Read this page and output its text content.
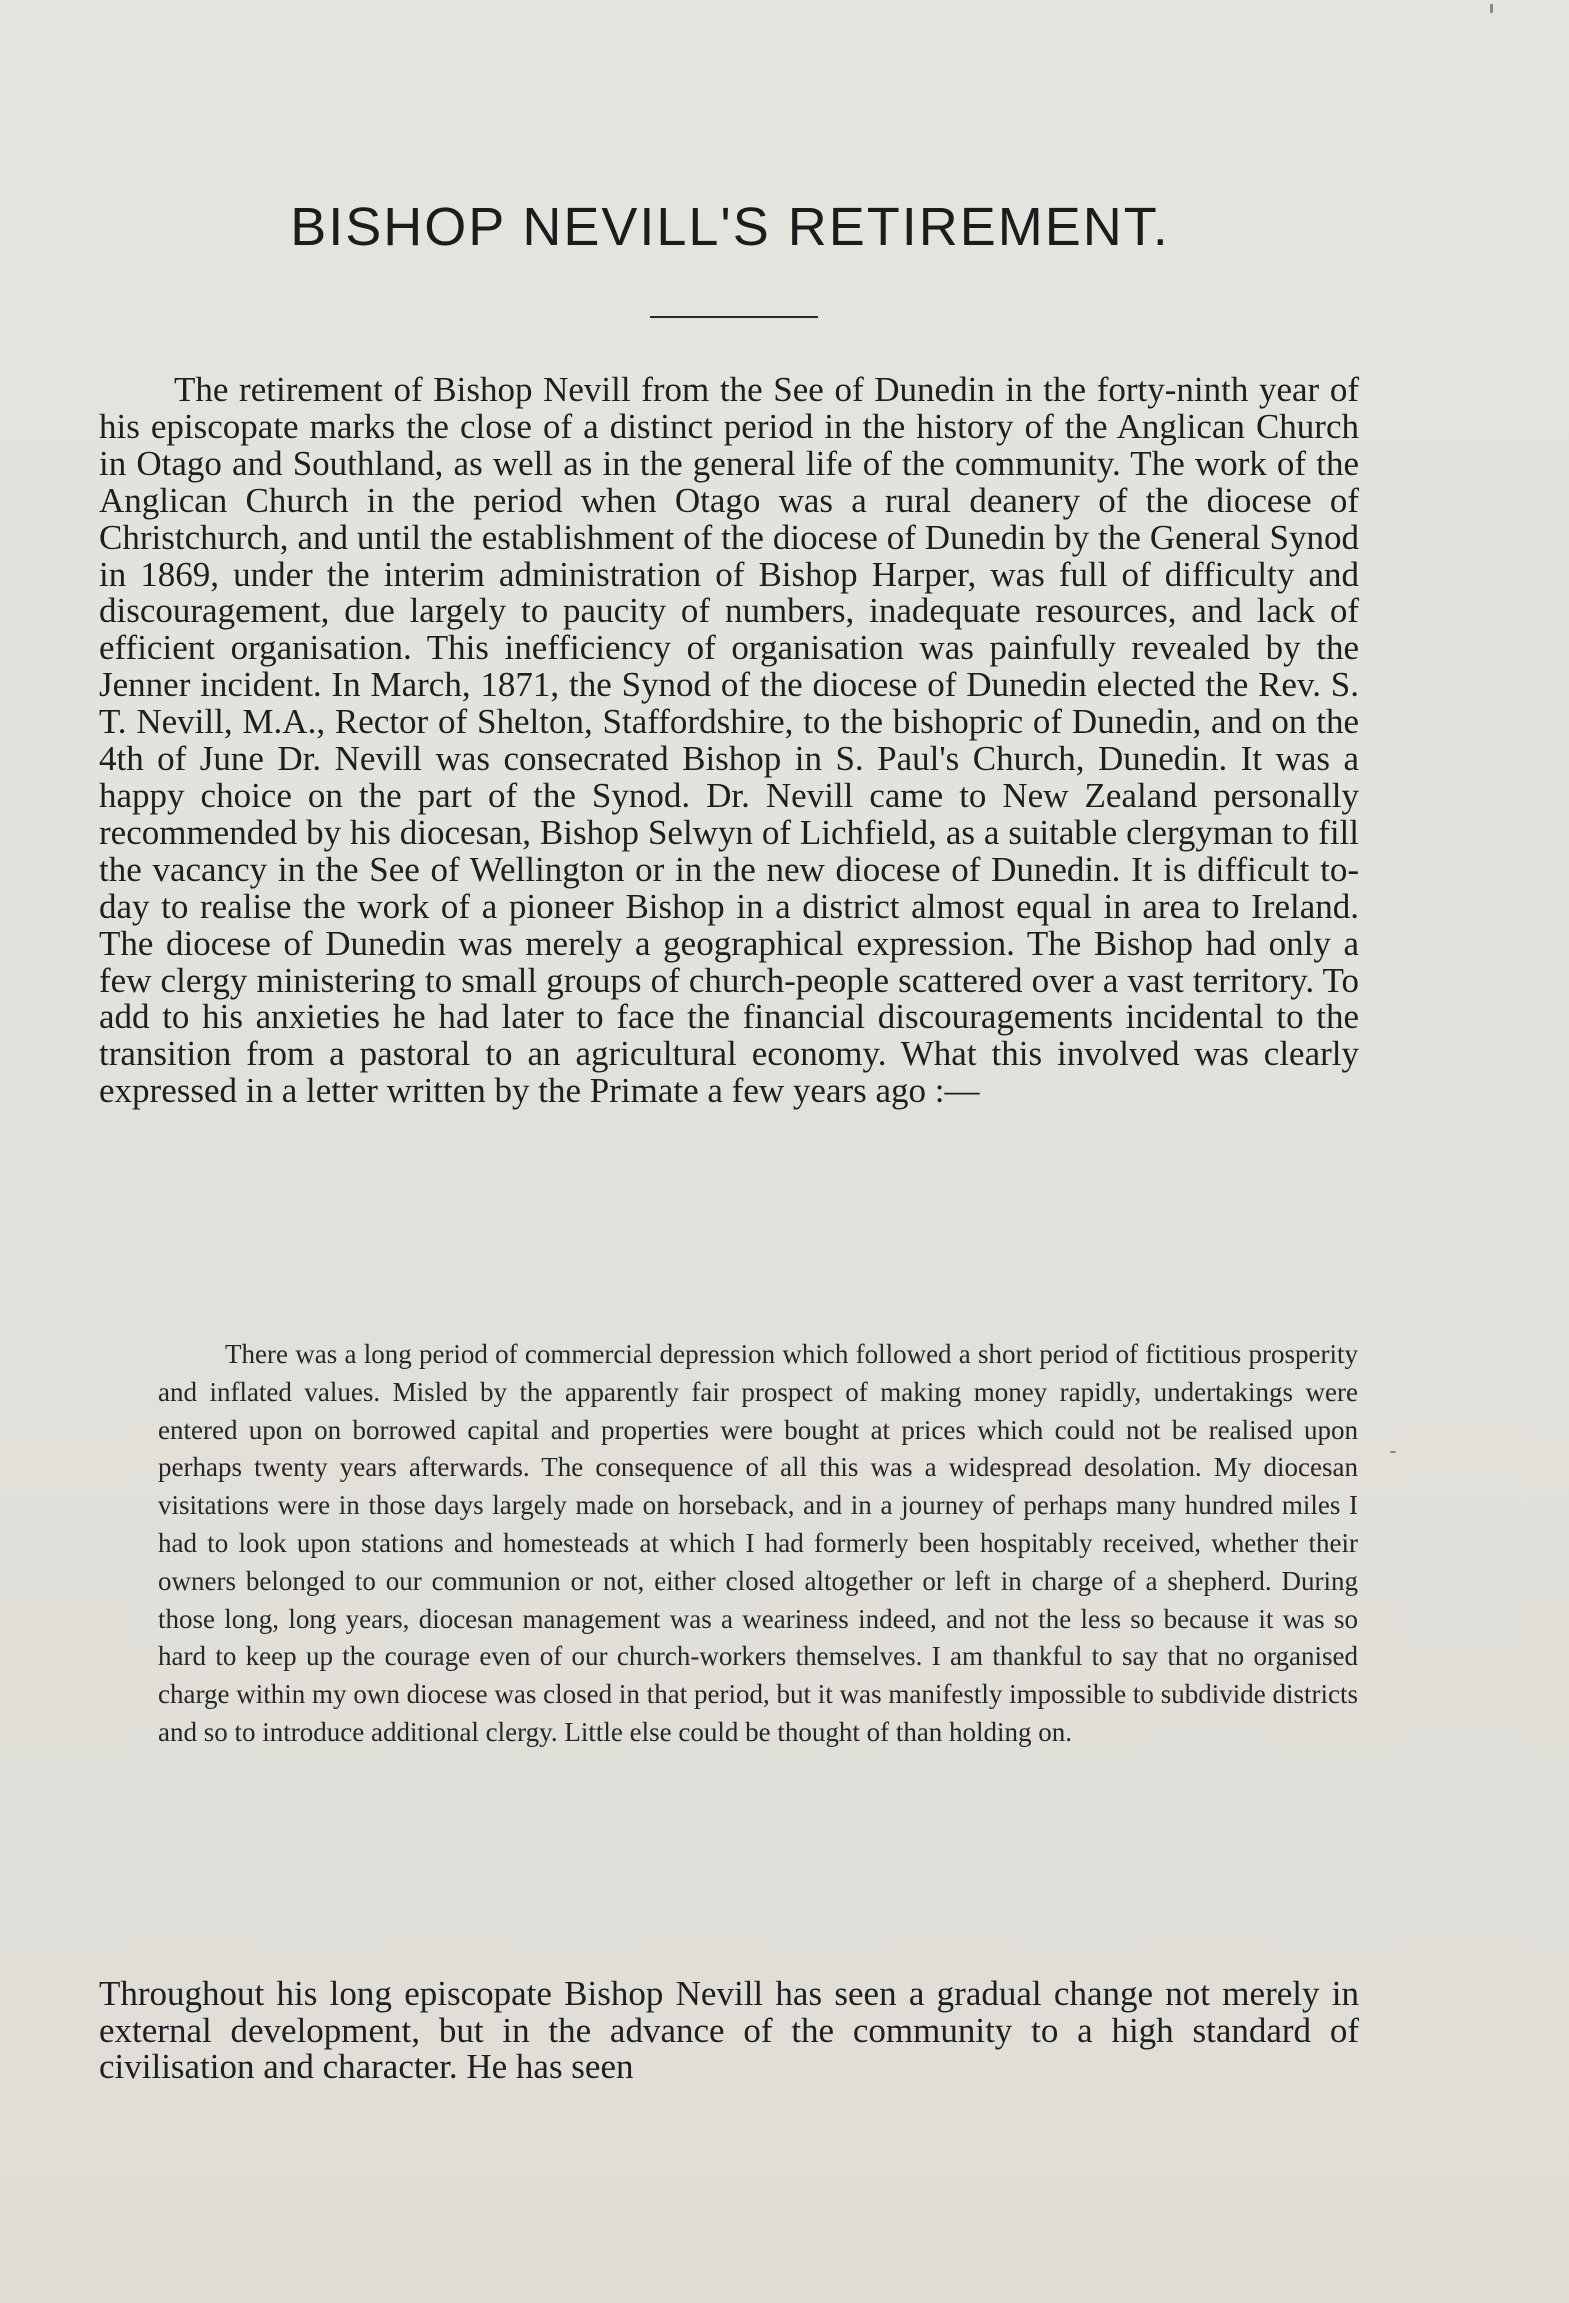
BISHOP NEVILL'S RETIREMENT.

The retirement of Bishop Nevill from the See of Dunedin in the forty-ninth year of his episcopate marks the close of a distinct period in the history of the Anglican Church in Otago and Southland, as well as in the general life of the community. The work of the Anglican Church in the period when Otago was a rural deanery of the diocese of Christchurch, and until the establishment of the diocese of Dunedin by the General Synod in 1869, under the interim administration of Bishop Harper, was full of difficulty and discouragement, due largely to paucity of numbers, inadequate resources, and lack of efficient organisation. This inefficiency of organisation was painfully revealed by the Jenner incident. In March, 1871, the Synod of the diocese of Dunedin elected the Rev. S. T. Nevill, M.A., Rector of Shelton, Staffordshire, to the bishopric of Dunedin, and on the 4th of June Dr. Nevill was consecrated Bishop in S. Paul's Church, Dunedin. It was a happy choice on the part of the Synod. Dr. Nevill came to New Zealand personally recommended by his diocesan, Bishop Selwyn of Lichfield, as a suitable clergyman to fill the vacancy in the See of Wellington or in the new diocese of Dunedin. It is difficult to-day to realise the work of a pioneer Bishop in a district almost equal in area to Ireland. The diocese of Dunedin was merely a geographical expression. The Bishop had only a few clergy ministering to small groups of church-people scattered over a vast territory. To add to his anxieties he had later to face the financial discouragements incidental to the transition from a pastoral to an agricultural economy. What this involved was clearly expressed in a letter written by the Primate a few years ago :—

There was a long period of commercial depression which followed a short period of fictitious prosperity and inflated values. Misled by the apparently fair prospect of making money rapidly, undertakings were entered upon on borrowed capital and properties were bought at prices which could not be realised upon perhaps twenty years afterwards. The consequence of all this was a widespread desolation. My diocesan visitations were in those days largely made on horseback, and in a journey of perhaps many hundred miles I had to look upon stations and homesteads at which I had formerly been hospitably received, whether their owners belonged to our communion or not, either closed altogether or left in charge of a shepherd. During those long, long years, diocesan management was a weariness indeed, and not the less so because it was so hard to keep up the courage even of our church-workers themselves. I am thankful to say that no organised charge within my own diocese was closed in that period, but it was manifestly impossible to subdivide districts and so to introduce additional clergy. Little else could be thought of than holding on.

Throughout his long episcopate Bishop Nevill has seen a gradual change not merely in external development, but in the advance of the community to a high standard of civilisation and character. He has seen
